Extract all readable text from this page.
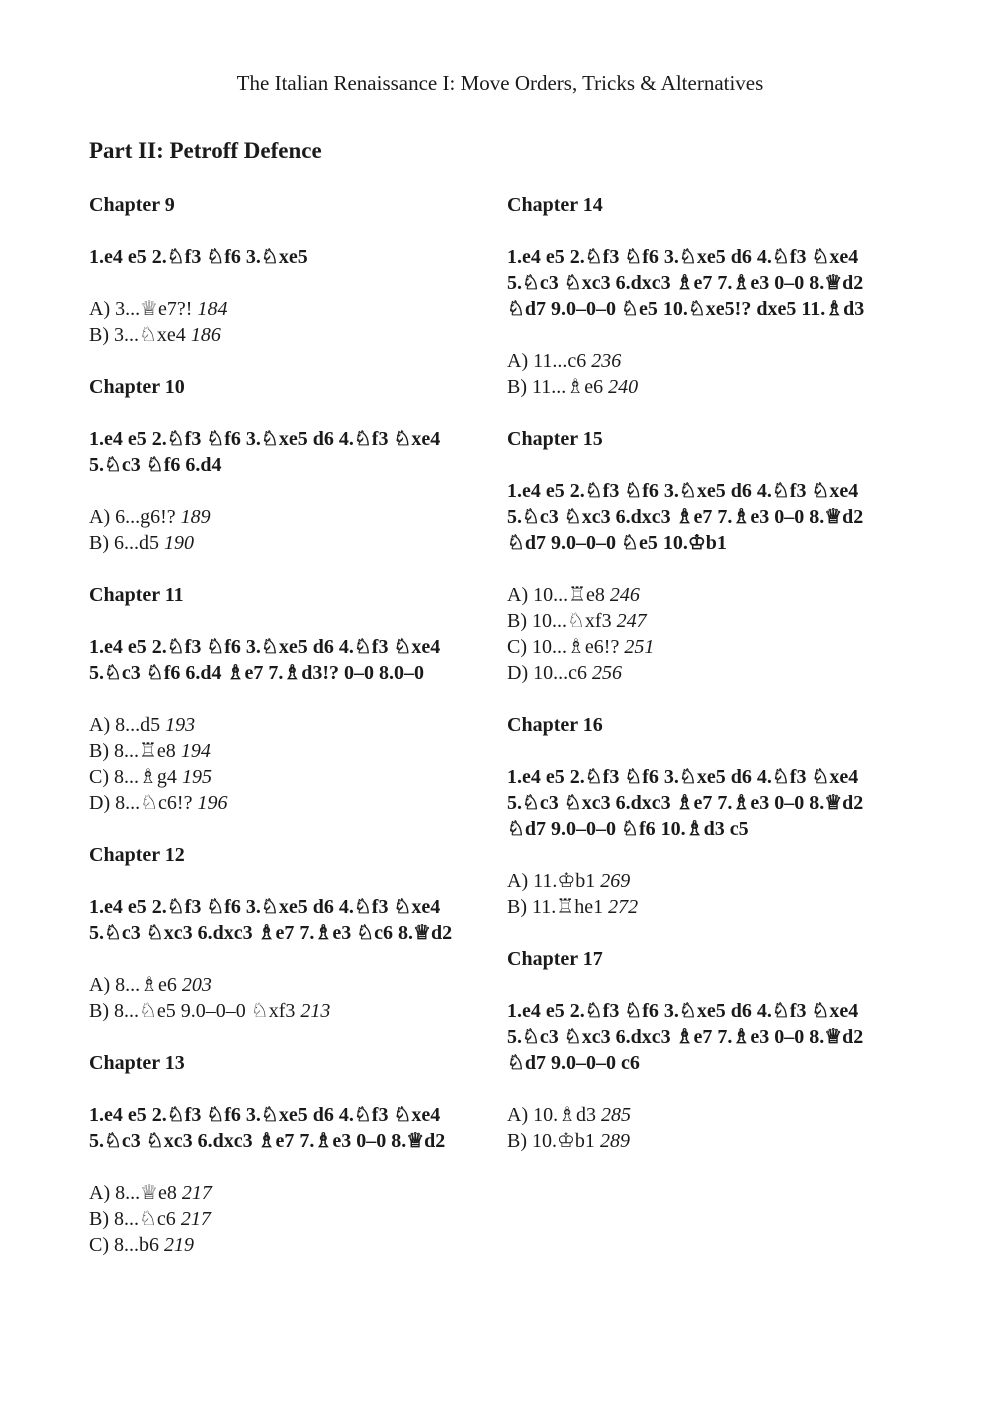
The Italian Renaissance I: Move Orders, Tricks & Alternatives
Part II: Petroff Defence
Chapter 9
1.e4 e5 2.♘f3 ♘f6 3.♘xe5
A) 3...♕e7?! 184
B) 3...♘xe4 186
Chapter 10
1.e4 e5 2.♘f3 ♘f6 3.♘xe5 d6 4.♘f3 ♘xe4
5.♘c3 ♘f6 6.d4
A) 6...g6!? 189
B) 6...d5 190
Chapter 11
1.e4 e5 2.♘f3 ♘f6 3.♘xe5 d6 4.♘f3 ♘xe4
5.♘c3 ♘f6 6.d4 ♗e7 7.♗d3!? 0–0 8.0–0
A) 8...d5 193
B) 8...♖e8 194
C) 8...♗g4 195
D) 8...♘c6!? 196
Chapter 12
1.e4 e5 2.♘f3 ♘f6 3.♘xe5 d6 4.♘f3 ♘xe4
5.♘c3 ♘xc3 6.dxc3 ♗e7 7.♗e3 ♘c6 8.♕d2
A) 8...♗e6 203
B) 8...♘e5 9.0–0–0 ♘xf3 213
Chapter 13
1.e4 e5 2.♘f3 ♘f6 3.♘xe5 d6 4.♘f3 ♘xe4
5.♘c3 ♘xc3 6.dxc3 ♗e7 7.♗e3 0–0 8.♕d2
A) 8...♕e8 217
B) 8...♘c6 217
C) 8...b6 219
Chapter 14
1.e4 e5 2.♘f3 ♘f6 3.♘xe5 d6 4.♘f3 ♘xe4
5.♘c3 ♘xc3 6.dxc3 ♗e7 7.♗e3 0–0 8.♕d2
♘d7 9.0–0–0 ♘e5 10.♘xe5!? dxe5 11.♗d3
A) 11...c6 236
B) 11...♗e6 240
Chapter 15
1.e4 e5 2.♘f3 ♘f6 3.♘xe5 d6 4.♘f3 ♘xe4
5.♘c3 ♘xc3 6.dxc3 ♗e7 7.♗e3 0–0 8.♕d2
♘d7 9.0–0–0 ♘e5 10.♔b1
A) 10...♖e8 246
B) 10...♘xf3 247
C) 10...♗e6!? 251
D) 10...c6 256
Chapter 16
1.e4 e5 2.♘f3 ♘f6 3.♘xe5 d6 4.♘f3 ♘xe4
5.♘c3 ♘xc3 6.dxc3 ♗e7 7.♗e3 0–0 8.♕d2
♘d7 9.0–0–0 ♘f6 10.♗d3 c5
A) 11.♔b1 269
B) 11.♖he1 272
Chapter 17
1.e4 e5 2.♘f3 ♘f6 3.♘xe5 d6 4.♘f3 ♘xe4
5.♘c3 ♘xc3 6.dxc3 ♗e7 7.♗e3 0–0 8.♕d2
♘d7 9.0–0–0 c6
A) 10.♗d3 285
B) 10.♔b1 289
